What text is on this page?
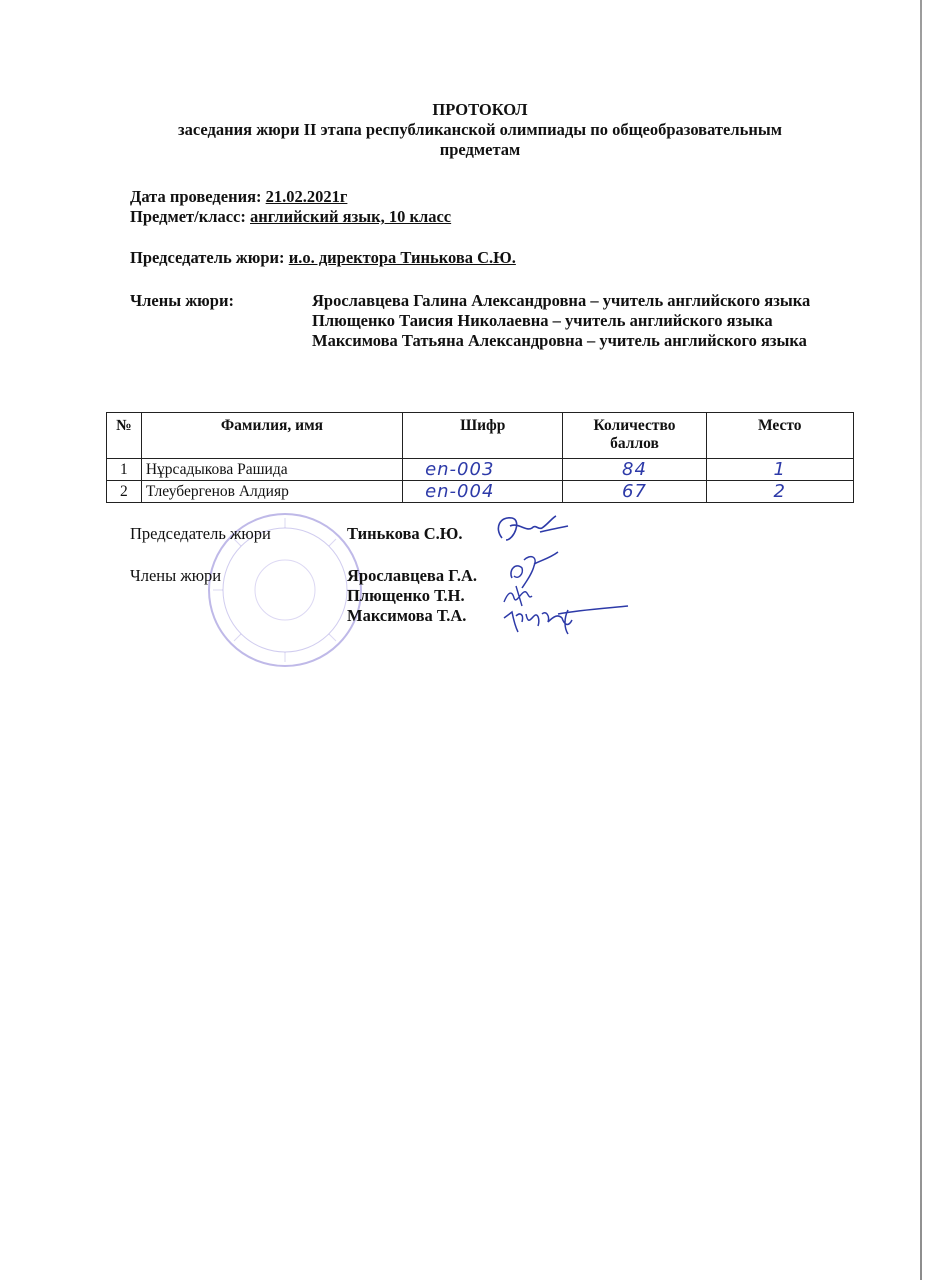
ПРОТОКОЛ
заседания жюри II этапа республиканской олимпиады по общеобразовательным
предметам
Дата проведения: 21.02.2021г
Предмет/класс: английский язык, 10 класс
Председатель жюри: и.о. директора Тинькова С.Ю.
Члены жюри:	Ярославцева Галина Александровна – учитель английского языка
Плющенко Таисия Николаевна – учитель английского языка
Максимова Татьяна Александровна – учитель английского языка
№	Фамилия, имя	Шифр	Количество баллов	Место
1	Нұрсадыкова Рашида	en-003	84	1
2	Тлеубергенов Алдияр	en-004	67	2
Председатель жюри	Тинькова С.Ю.
Члены жюри	Ярославцева Г.А.
Плющенко Т.Н.
Максимова Т.А.
